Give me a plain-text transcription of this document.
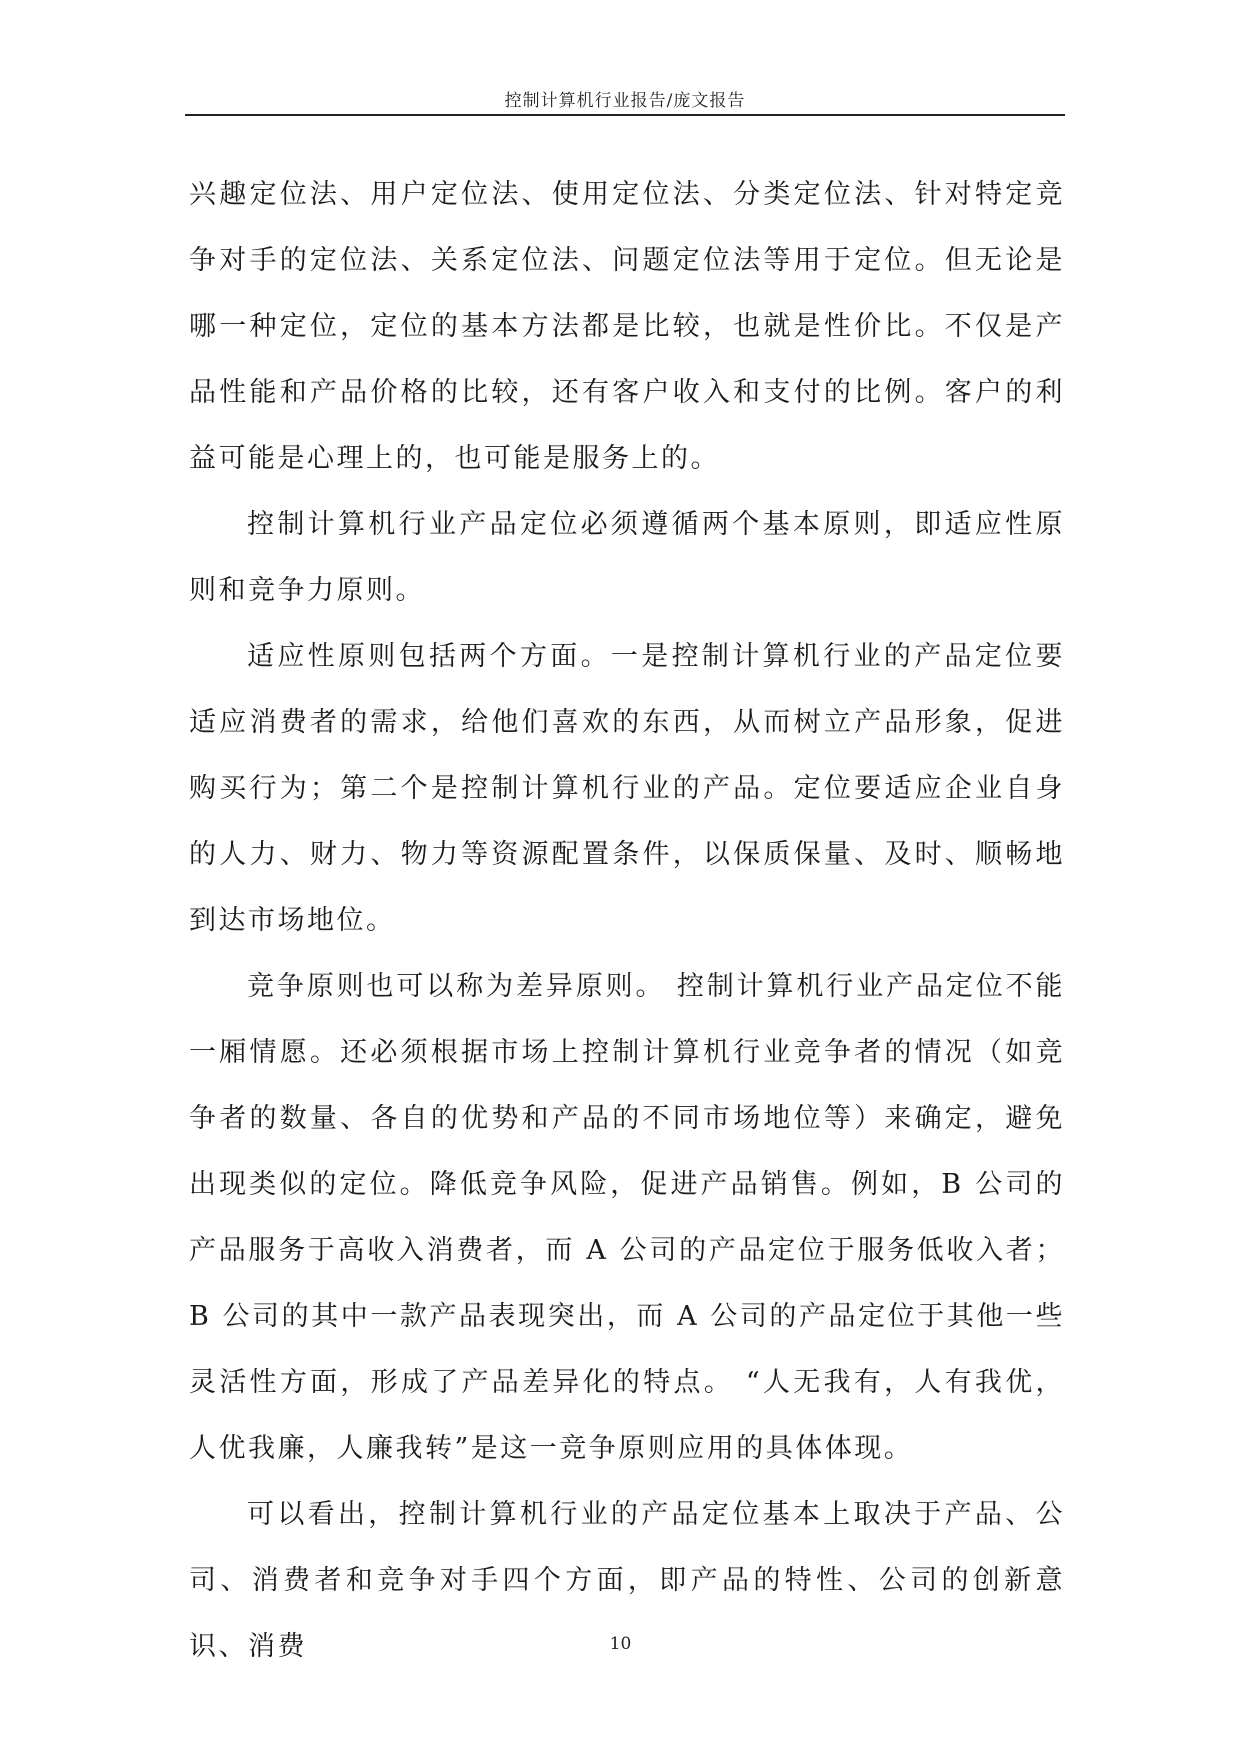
控制计算机行业报告/庞文报告

兴趣定位法、用户定位法、使用定位法、分类定位法、针对特定竞争对手的定位法、关系定位法、问题定位法等用于定位。但无论是哪一种定位，定位的基本方法都是比较，也就是性价比。不仅是产品性能和产品价格的比较，还有客户收入和支付的比例。客户的利益可能是心理上的，也可能是服务上的。

控制计算机行业产品定位必须遵循两个基本原则，即适应性原则和竞争力原则。

适应性原则包括两个方面。一是控制计算机行业的产品定位要适应消费者的需求，给他们喜欢的东西，从而树立产品形象，促进购买行为；第二个是控制计算机行业的产品。定位要适应企业自身的人力、财力、物力等资源配置条件，以保质保量、及时、顺畅地到达市场地位。

竞争原则也可以称为差异原则。 控制计算机行业产品定位不能一厢情愿。还必须根据市场上控制计算机行业竞争者的情况（如竞争者的数量、各自的优势和产品的不同市场地位等）来确定，避免出现类似的定位。降低竞争风险，促进产品销售。例如，B 公司的产品服务于高收入消费者，而 A 公司的产品定位于服务低收入者； B 公司的其中一款产品表现突出，而 A 公司的产品定位于其他一些灵活性方面，形成了产品差异化的特点。 “人无我有，人有我优，人优我廉，人廉我转”是这一竞争原则应用的具体体现。

可以看出，控制计算机行业的产品定位基本上取决于产品、公司、消费者和竞争对手四个方面，即产品的特性、公司的创新意识、消费	10
